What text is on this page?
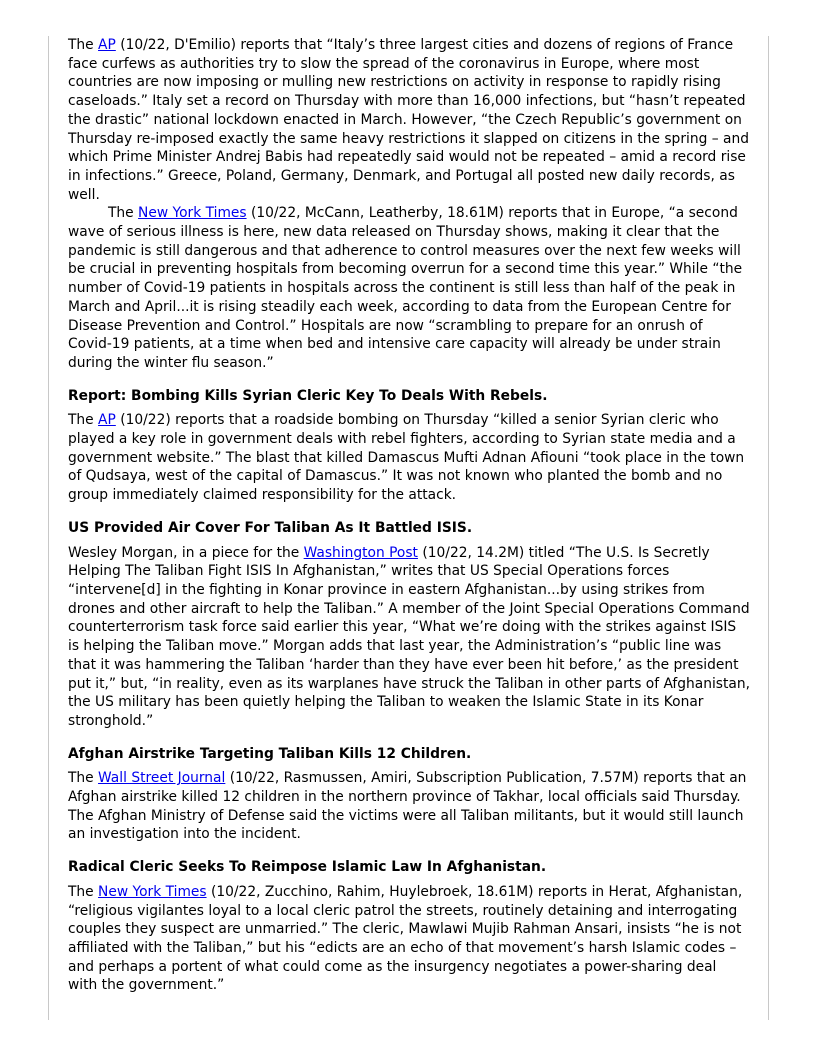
The AP (10/22, D'Emilio) reports that “Italy’s three largest cities and dozens of regions of France face curfews as authorities try to slow the spread of the coronavirus in Europe, where most countries are now imposing or mulling new restrictions on activity in response to rapidly rising caseloads.” Italy set a record on Thursday with more than 16,000 infections, but “hasn’t repeated the drastic” national lockdown enacted in March. However, “the Czech Republic’s government on Thursday re-imposed exactly the same heavy restrictions it slapped on citizens in the spring – and which Prime Minister Andrej Babis had repeatedly said would not be repeated – amid a record rise in infections.” Greece, Poland, Germany, Denmark, and Portugal all posted new daily records, as well.

The New York Times (10/22, McCann, Leatherby, 18.61M) reports that in Europe, “a second wave of serious illness is here, new data released on Thursday shows, making it clear that the pandemic is still dangerous and that adherence to control measures over the next few weeks will be crucial in preventing hospitals from becoming overrun for a second time this year.” While “the number of Covid-19 patients in hospitals across the continent is still less than half of the peak in March and April...it is rising steadily each week, according to data from the European Centre for Disease Prevention and Control.” Hospitals are now “scrambling to prepare for an onrush of Covid-19 patients, at a time when bed and intensive care capacity will already be under strain during the winter flu season.”

Report: Bombing Kills Syrian Cleric Key To Deals With Rebels.

The AP (10/22) reports that a roadside bombing on Thursday “killed a senior Syrian cleric who played a key role in government deals with rebel fighters, according to Syrian state media and a government website.” The blast that killed Damascus Mufti Adnan Afiouni “took place in the town of Qudsaya, west of the capital of Damascus.” It was not known who planted the bomb and no group immediately claimed responsibility for the attack.

US Provided Air Cover For Taliban As It Battled ISIS.

Wesley Morgan, in a piece for the Washington Post (10/22, 14.2M) titled “The U.S. Is Secretly Helping The Taliban Fight ISIS In Afghanistan,” writes that US Special Operations forces “intervene[d] in the fighting in Konar province in eastern Afghanistan...by using strikes from drones and other aircraft to help the Taliban.” A member of the Joint Special Operations Command counterterrorism task force said earlier this year, “What we’re doing with the strikes against ISIS is helping the Taliban move.” Morgan adds that last year, the Administration’s “public line was that it was hammering the Taliban ‘harder than they have ever been hit before,’ as the president put it,” but, “in reality, even as its warplanes have struck the Taliban in other parts of Afghanistan, the US military has been quietly helping the Taliban to weaken the Islamic State in its Konar stronghold.”

Afghan Airstrike Targeting Taliban Kills 12 Children.

The Wall Street Journal (10/22, Rasmussen, Amiri, Subscription Publication, 7.57M) reports that an Afghan airstrike killed 12 children in the northern province of Takhar, local officials said Thursday. The Afghan Ministry of Defense said the victims were all Taliban militants, but it would still launch an investigation into the incident.

Radical Cleric Seeks To Reimpose Islamic Law In Afghanistan.

The New York Times (10/22, Zucchino, Rahim, Huylebroek, 18.61M) reports in Herat, Afghanistan, “religious vigilantes loyal to a local cleric patrol the streets, routinely detaining and interrogating couples they suspect are unmarried.” The cleric, Mawlawi Mujib Rahman Ansari, insists “he is not affiliated with the Taliban,” but his “edicts are an echo of that movement’s harsh Islamic codes – and perhaps a portent of what could come as the insurgency negotiates a power-sharing deal with the government.”
